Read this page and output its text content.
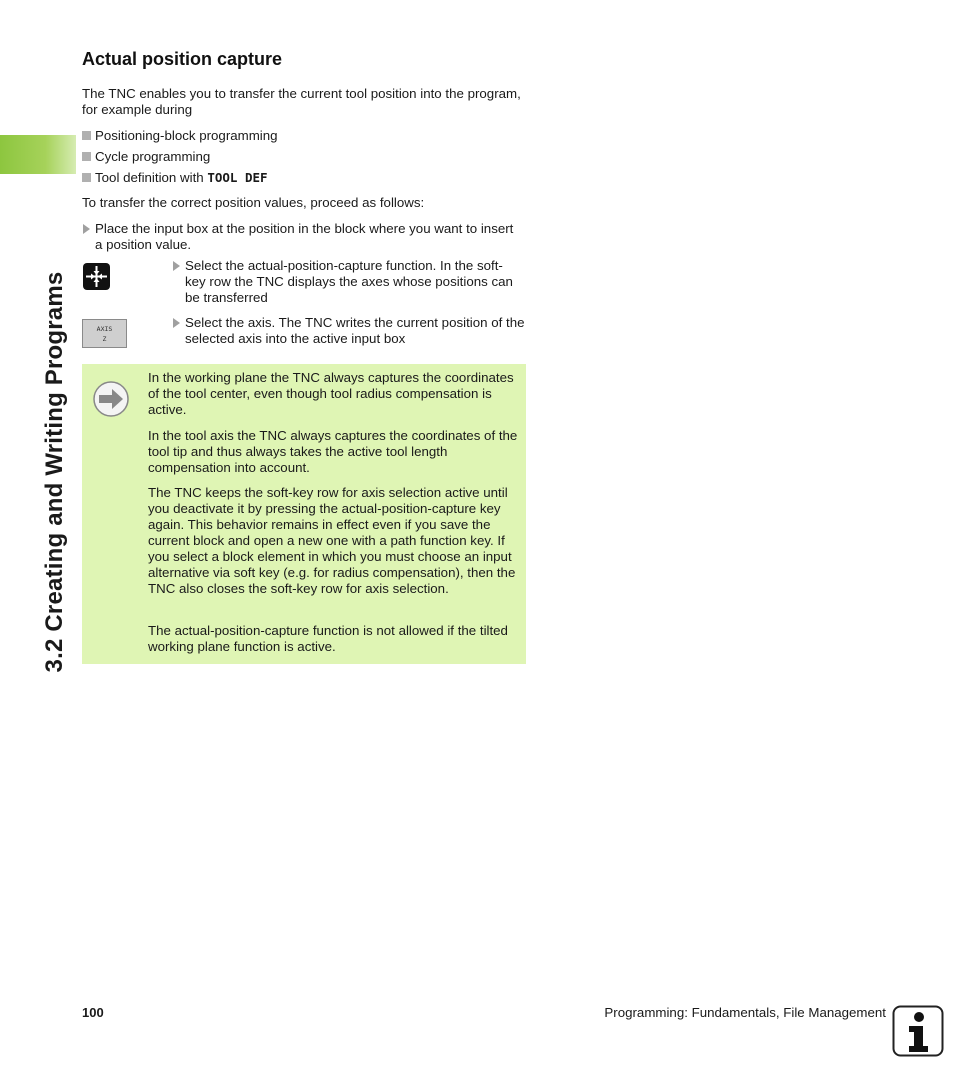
3.2 Creating and Writing Programs
Actual position capture

The TNC enables you to transfer the current tool position into the program, for example during

Positioning-block programming
Cycle programming
Tool definition with TOOL DEF

To transfer the correct position values, proceed as follows:

Place the input box at the position in the block where you want to insert a position value.

Select the actual-position-capture function. In the soft-key row the TNC displays the axes whose positions can be transferred

AXIS
Z

Select the axis. The TNC writes the current position of the selected axis into the active input box

In the working plane the TNC always captures the coordinates of the tool center, even though tool radius compensation is active.

In the tool axis the TNC always captures the coordinates of the tool tip and thus always takes the active tool length compensation into account.

The TNC keeps the soft-key row for axis selection active until you deactivate it by pressing the actual-position-capture key again. This behavior remains in effect even if you save the current block and open a new one with a path function key. If you select a block element in which you must choose an input alternative via soft key (e.g. for radius compensation), then the TNC also closes the soft-key row for axis selection.

The actual-position-capture function is not allowed if the tilted working plane function is active.

100	Programming: Fundamentals, File Management
